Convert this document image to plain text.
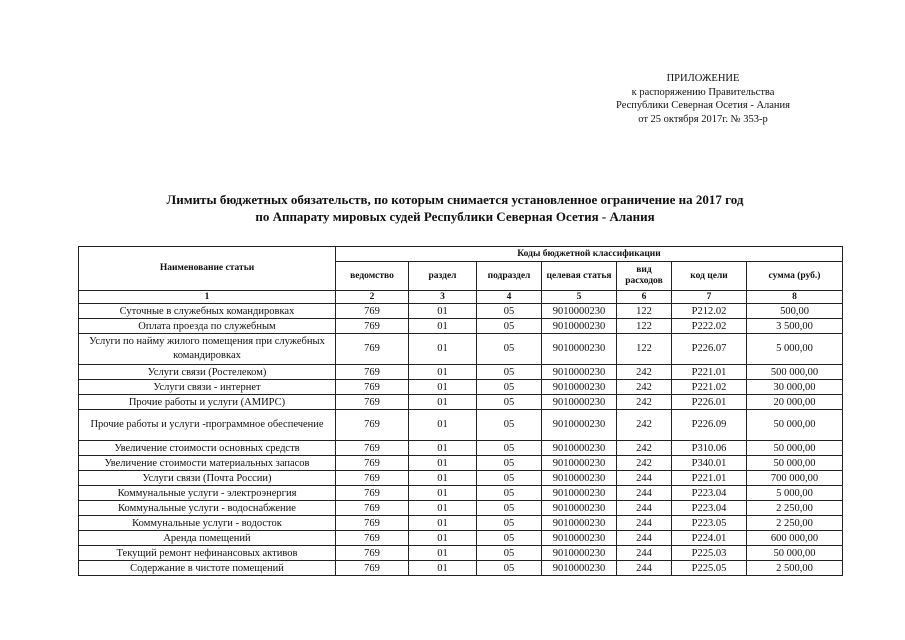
ПРИЛОЖЕНИЕ
к распоряжению Правительства
Республики Северная Осетия - Алания
от 25 октября 2017г. № 353-р
Лимиты бюджетных обязательств, по которым снимается установленное ограничение на 2017 год
по Аппарату мировых судей Республики Северная Осетия - Алания
Наименование статьи	Коды бюджетной классификации						
	ведомство	раздел	подраздел	целевая статья	вид расходов	код цели	сумма (руб.)
1	2	3	4	5	6	7	8
Суточные в служебных командировках	769	01	05	9010000230	122	Р212.02	500,00
Оплата проезда по служебным	769	01	05	9010000230	122	Р222.02	3 500,00
Услуги по найму жилого помещения при служебных командировках	769	01	05	9010000230	122	Р226.07	5 000,00
Услуги связи (Ростелеком)	769	01	05	9010000230	242	Р221.01	500 000,00
Услуги связи - интернет	769	01	05	9010000230	242	Р221.02	30 000,00
Прочие работы и услуги (АМИРС)	769	01	05	9010000230	242	Р226.01	20 000,00
Прочие работы и услуги -программное обеспечение	769	01	05	9010000230	242	Р226.09	50 000,00
Увеличение стоимости основных средств	769	01	05	9010000230	242	Р310.06	50 000,00
Увеличение стоимости материальных запасов	769	01	05	9010000230	242	Р340.01	50 000,00
Услуги связи (Почта России)	769	01	05	9010000230	244	Р221.01	700 000,00
Коммунальные услуги - электроэнергия	769	01	05	9010000230	244	Р223.04	5 000,00
Коммунальные услуги - водоснабжение	769	01	05	9010000230	244	Р223.04	2 250,00
Коммунальные услуги - водосток	769	01	05	9010000230	244	Р223.05	2 250,00
Аренда помещений	769	01	05	9010000230	244	Р224.01	600 000,00
Текущий ремонт нефинансовых активов	769	01	05	9010000230	244	Р225.03	50 000,00
Содержание в чистоте помещений	769	01	05	9010000230	244	Р225.05	2 500,00
